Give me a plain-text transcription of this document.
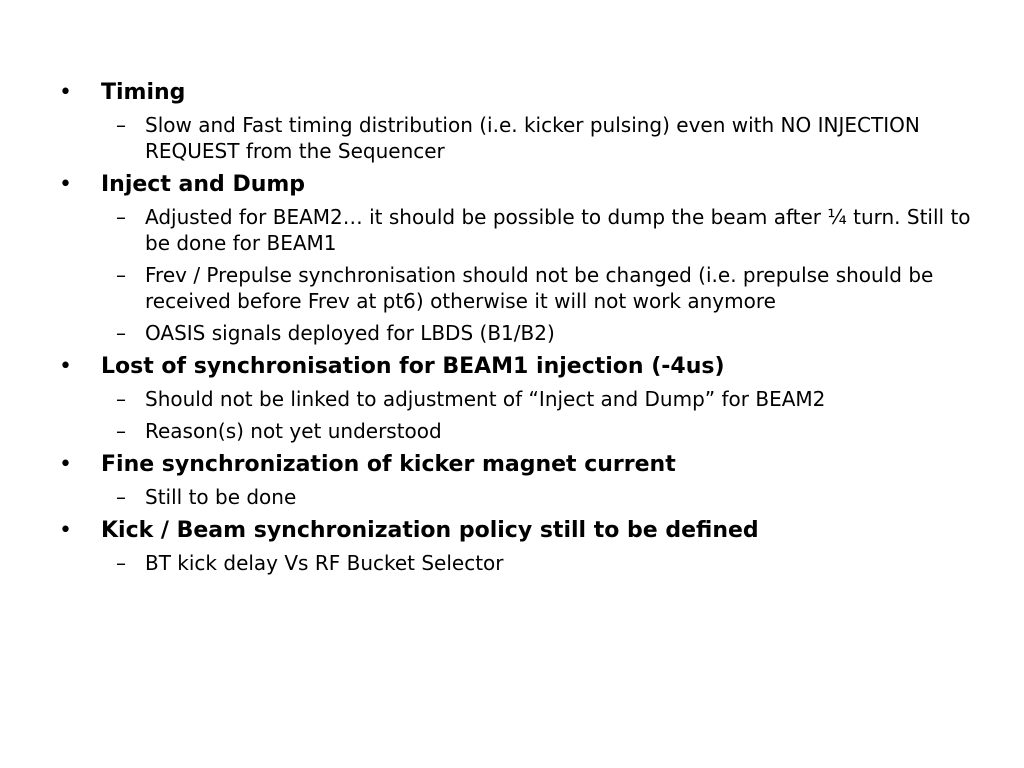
• Timing
– Slow and Fast timing distribution (i.e. kicker pulsing) even with NO INJECTION REQUEST from the Sequencer
• Inject and Dump
– Adjusted for BEAM2… it should be possible to dump the beam after ¼ turn. Still to be done for BEAM1
– Frev / Prepulse synchronisation should not be changed (i.e. prepulse should be received before Frev at pt6) otherwise it will not work anymore
– OASIS signals deployed for LBDS (B1/B2)
• Lost of synchronisation for BEAM1 injection (-4us)
– Should not be linked to adjustment of “Inject and Dump” for BEAM2
– Reason(s) not yet understood
• Fine synchronization of kicker magnet current
– Still to be done
• Kick / Beam synchronization policy still to be defined
– BT kick delay Vs RF Bucket Selector
